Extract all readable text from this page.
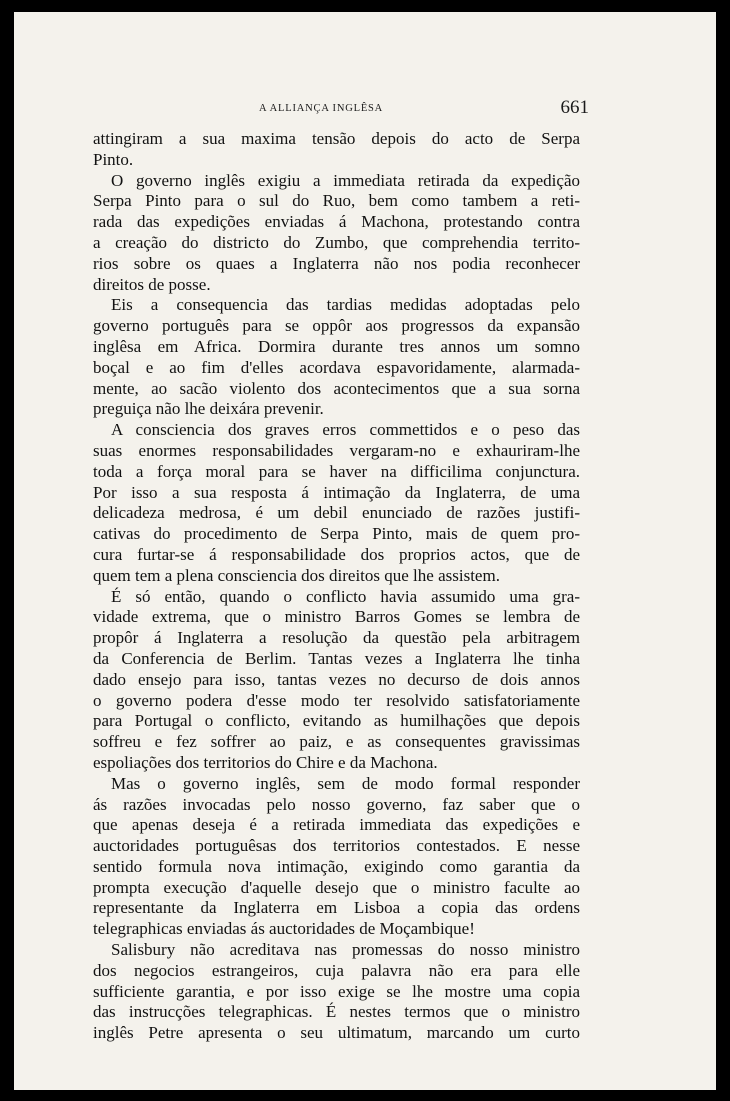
A ALLIANÇA INGLÊSA	661

attingiram a sua maxima tensão depois do acto de Serpa

Pinto.

O governo inglês exigiu a immediata retirada da expedição

Serpa Pinto para o sul do Ruo, bem como tambem a reti-

rada das expedições enviadas á Machona, protestando contra

a creação do districto do Zumbo, que comprehendia territo-

rios sobre os quaes a Inglaterra não nos podia reconhecer

direitos de posse.

Eis a consequencia das tardias medidas adoptadas pelo

governo português para se oppôr aos progressos da expansão

inglêsa em Africa. Dormira durante tres annos um somno

boçal e ao fim d'elles acordava espavoridamente, alarmada-

mente, ao sacão violento dos acontecimentos que a sua sorna

preguiça não lhe deixára prevenir.

A consciencia dos graves erros commettidos e o peso das

suas enormes responsabilidades vergaram-no e exhauriram-lhe

toda a força moral para se haver na difficilima conjunctura.

Por isso a sua resposta á intimação da Inglaterra, de uma

delicadeza medrosa, é um debil enunciado de razões justifi-

cativas do procedimento de Serpa Pinto, mais de quem pro-

cura furtar-se á responsabilidade dos proprios actos, que de

quem tem a plena consciencia dos direitos que lhe assistem.

É só então, quando o conflicto havia assumido uma gra-

vidade extrema, que o ministro Barros Gomes se lembra de

propôr á Inglaterra a resolução da questão pela arbitragem

da Conferencia de Berlim. Tantas vezes a Inglaterra lhe tinha

dado ensejo para isso, tantas vezes no decurso de dois annos

o governo podera d'esse modo ter resolvido satisfatoriamente

para Portugal o conflicto, evitando as humilhações que depois

soffreu e fez soffrer ao paiz, e as consequentes gravissimas

espoliações dos territorios do Chire e da Machona.

Mas o governo inglês, sem de modo formal responder

ás razões invocadas pelo nosso governo, faz saber que o

que apenas deseja é a retirada immediata das expedições e

auctoridades portuguêsas dos territorios contestados. E nesse

sentido formula nova intimação, exigindo como garantia da

prompta execução d'aquelle desejo que o ministro faculte ao

representante da Inglaterra em Lisboa a copia das ordens

telegraphicas enviadas ás auctoridades de Moçambique!

Salisbury não acreditava nas promessas do nosso ministro

dos negocios estrangeiros, cuja palavra não era para elle

sufficiente garantia, e por isso exige se lhe mostre uma copia

das instrucções telegraphicas. É nestes termos que o ministro

inglês Petre apresenta o seu ultimatum, marcando um curto
